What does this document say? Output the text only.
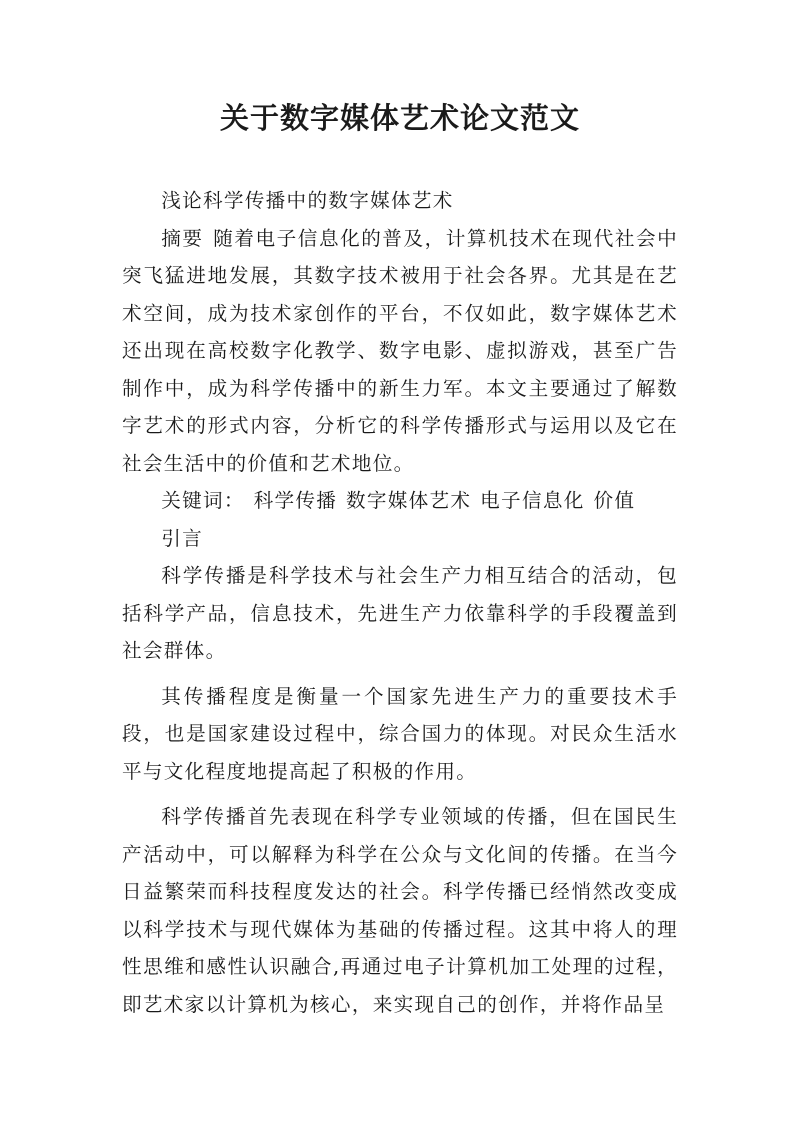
关于数字媒体艺术论文范文

浅论科学传播中的数字媒体艺术

摘要 随着电子信息化的普及，计算机技术在现代社会中突飞猛进地发展，其数字技术被用于社会各界。尤其是在艺术空间，成为技术家创作的平台，不仅如此，数字媒体艺术还出现在高校数字化教学、数字电影、虚拟游戏，甚至广告制作中，成为科学传播中的新生力军。本文主要通过了解数字艺术的形式内容，分析它的科学传播形式与运用以及它在社会生活中的价值和艺术地位。

关键词： 科学传播 数字媒体艺术 电子信息化 价值

引言

科学传播是科学技术与社会生产力相互结合的活动，包括科学产品，信息技术，先进生产力依靠科学的手段覆盖到社会群体。

其传播程度是衡量一个国家先进生产力的重要技术手段，也是国家建设过程中，综合国力的体现。对民众生活水平与文化程度地提高起了积极的作用。

科学传播首先表现在科学专业领域的传播，但在国民生产活动中，可以解释为科学在公众与文化间的传播。在当今日益繁荣而科技程度发达的社会。科学传播已经悄然改变成以科学技术与现代媒体为基础的传播过程。这其中将人的理性思维和感性认识融合,再通过电子计算机加工处理的过程，即艺术家以计算机为核心，来实现自己的创作，并将作品呈
